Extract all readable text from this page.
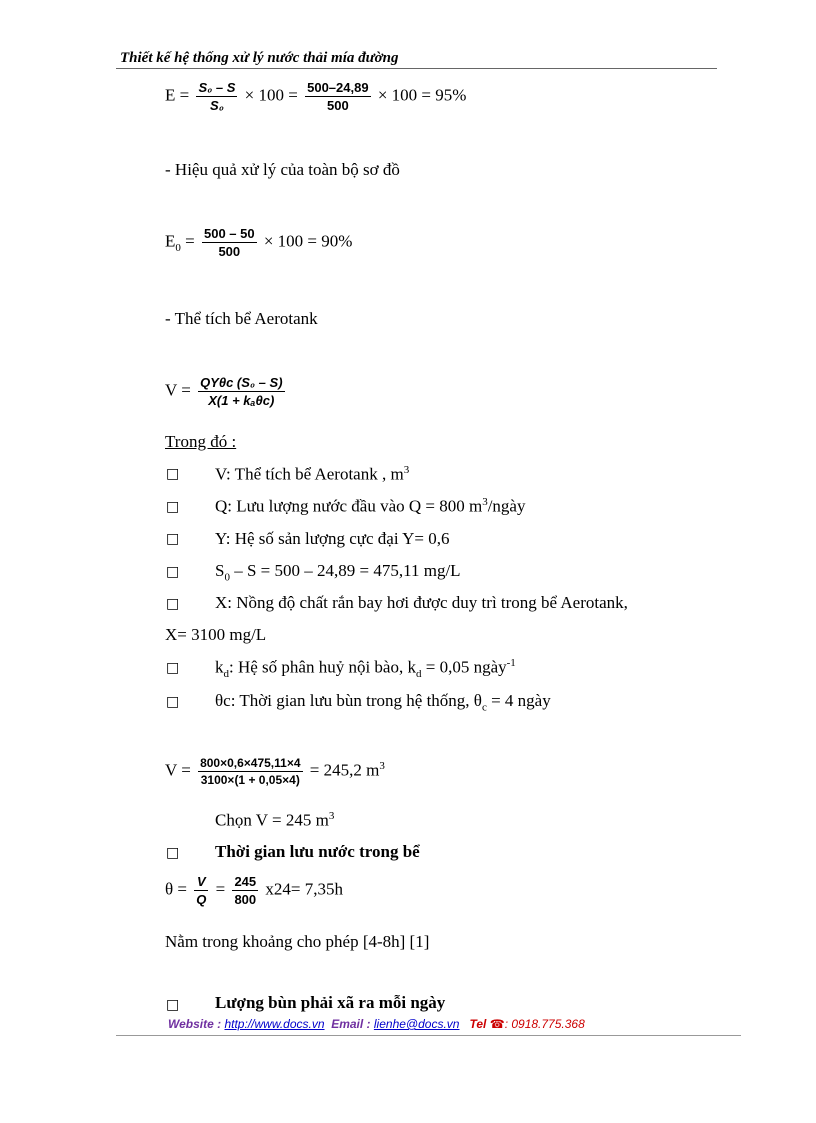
Thiết kế hệ thống xử lý nước thải mía đường
$E = \frac{\text{S₀ – S}}{\text{S₀}} \times 100 = \frac{500-24,89}{500} \times 100 = 95\%$
- Hiệu quả xử lý của toàn bộ sơ đồ
$E_0 = \frac{500 - 50}{500} \times 100 = 90\%$
- Thể tích bể Aerotank
$V = \frac{\text{QYθᴄ (S₀ – S)}}{\text{X(1 + kₐθᴄ)}}$
Trong đó :
□ V: Thể tích bể Aerotank , $m^3$
□ Q: Lưu lượng nước đầu vào Q = 800 $m^3$/ngày
□ Y: Hệ số sản lượng cực đại Y= 0,6
□ $S_0 - S = 500 - 24,89 = 475,11$ mg/L
□ X: Nồng độ chất rắn bay hơi được duy trì trong bể Aerotank,
X= 3100 mg/L
□ $k_d$: Hệ số phân huỷ nội bào, $k_d = 0,05$ ngày$^{-1}$
□ θc: Thời gian lưu bùn trong hệ thống, $\theta_c = 4$ ngày
$V = \frac{800\times 0,6\times 475,11\times 4}{3100\times(1 + 0,05\times 4)} = 245,2$ $m^3$
Chọn V = 245 $m^3$
□ Thời gian lưu nước trong bể
$\theta = \frac{V}{Q} = \frac{245}{800} x24= 7,35h$
Nằm trong khoảng cho phép [4-8h] [1]
□ Lượng bùn phải xã ra mỗi ngày
Website : http://www.docs.vn Email : lienhe@docs.vn Tel ☎: 0918.775.368
